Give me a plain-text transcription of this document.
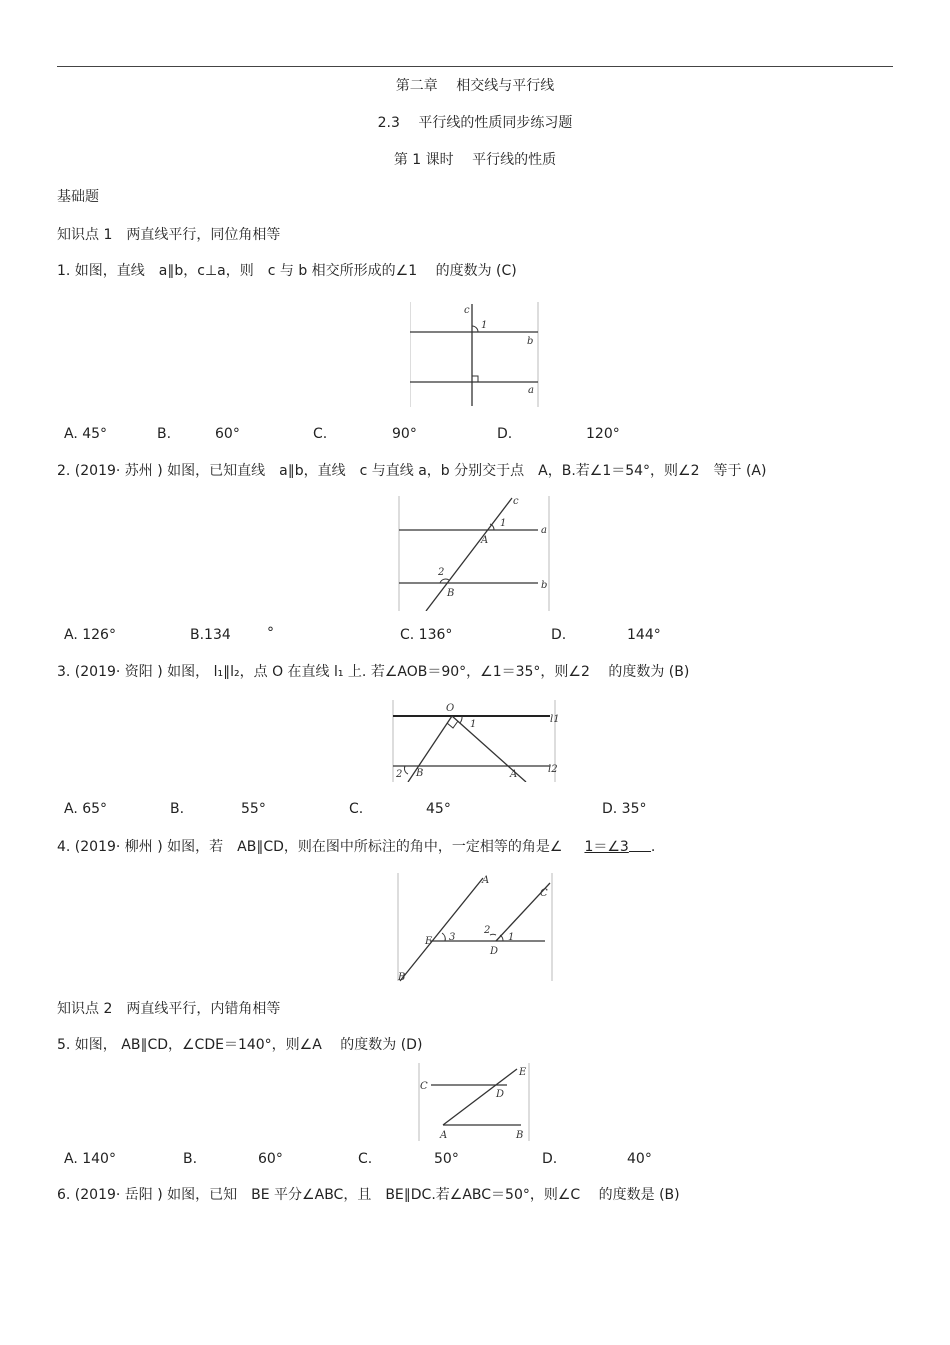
第二章　 相交线与平行线
2.3　 平行线的性质同步练习题
第 1 课时　 平行线的性质
基础题
知识点 1　两直线平行，同位角相等
1. 如图，直线　a∥b，c⊥a，则　c 与 b 相交所形成的∠1　 的度数为 (C)
c
1
b
a
A. 45°	B.	60°	C.	90°	D.	120°
2. (2019· 苏州 ) 如图，已知直线　a∥b，直线　c 与直线 a，b 分别交于点　A，B.若∠1＝54°，则∠2　等于 (A)
c
1
a
A
2
b
B
A. 126°	B.134	°	C. 136°	D.	144°
3. (2019· 资阳 ) 如图， l₁∥l₂，点 O 在直线 l₁ 上. 若∠AOB＝90°，∠1＝35°，则∠2　 的度数为 (B)
O
1	l1
2 B	A	l2
A. 65°	B.	55°	C.	45°	D. 35°
4. (2019· 柳州 ) 如图，若　AB∥CD，则在图中所标注的角中，一定相等的角是∠ 1＝∠3 .
A
C
E 3
2
1
D
B
知识点 2　两直线平行，内错角相等
5. 如图， AB∥CD，∠CDE＝140°，则∠A　 的度数为 (D)
C
E
D
A	B
A. 140°	B.	60°	C.	50°	D.	40°
6. (2019· 岳阳 ) 如图，已知　BE 平分∠ABC，且　BE∥DC.若∠ABC＝50°，则∠C　 的度数是 (B)
